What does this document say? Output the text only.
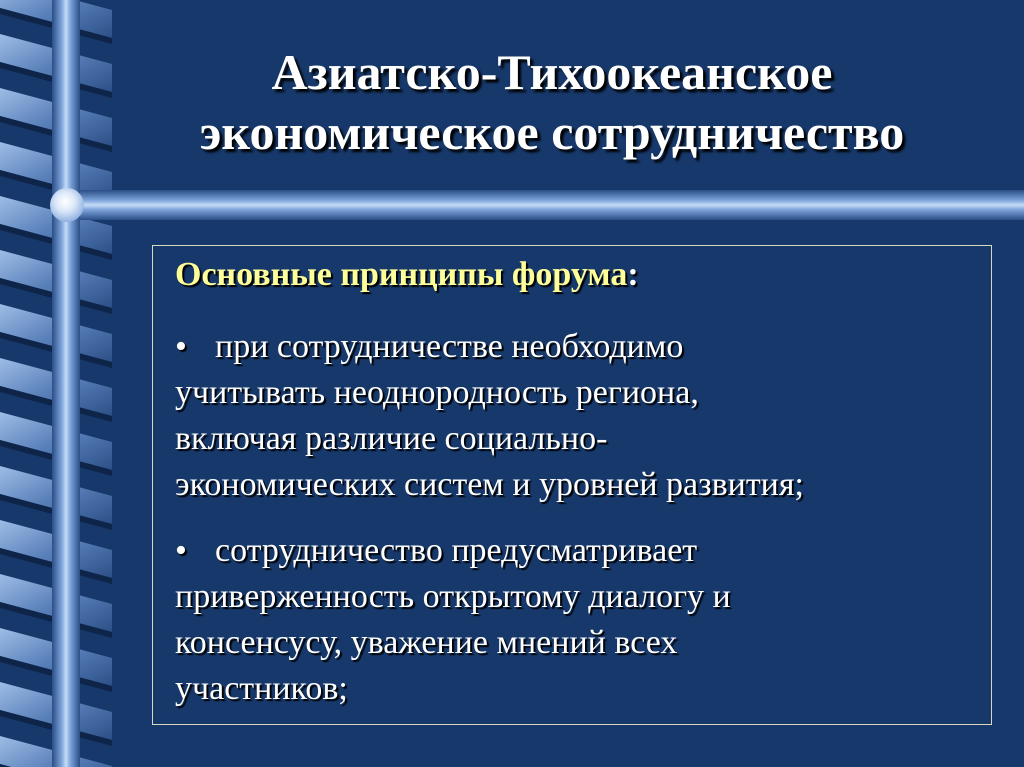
Азиатско-Тихоокеанское
экономическое сотрудничество
Основные принципы форума:
• при сотрудничестве необходимо
учитывать неоднородность региона,
включая различие социально-
экономических систем и уровней развития;
• сотрудничество предусматривает
приверженность открытому диалогу и
консенсусу, уважение мнений всех
участников;
